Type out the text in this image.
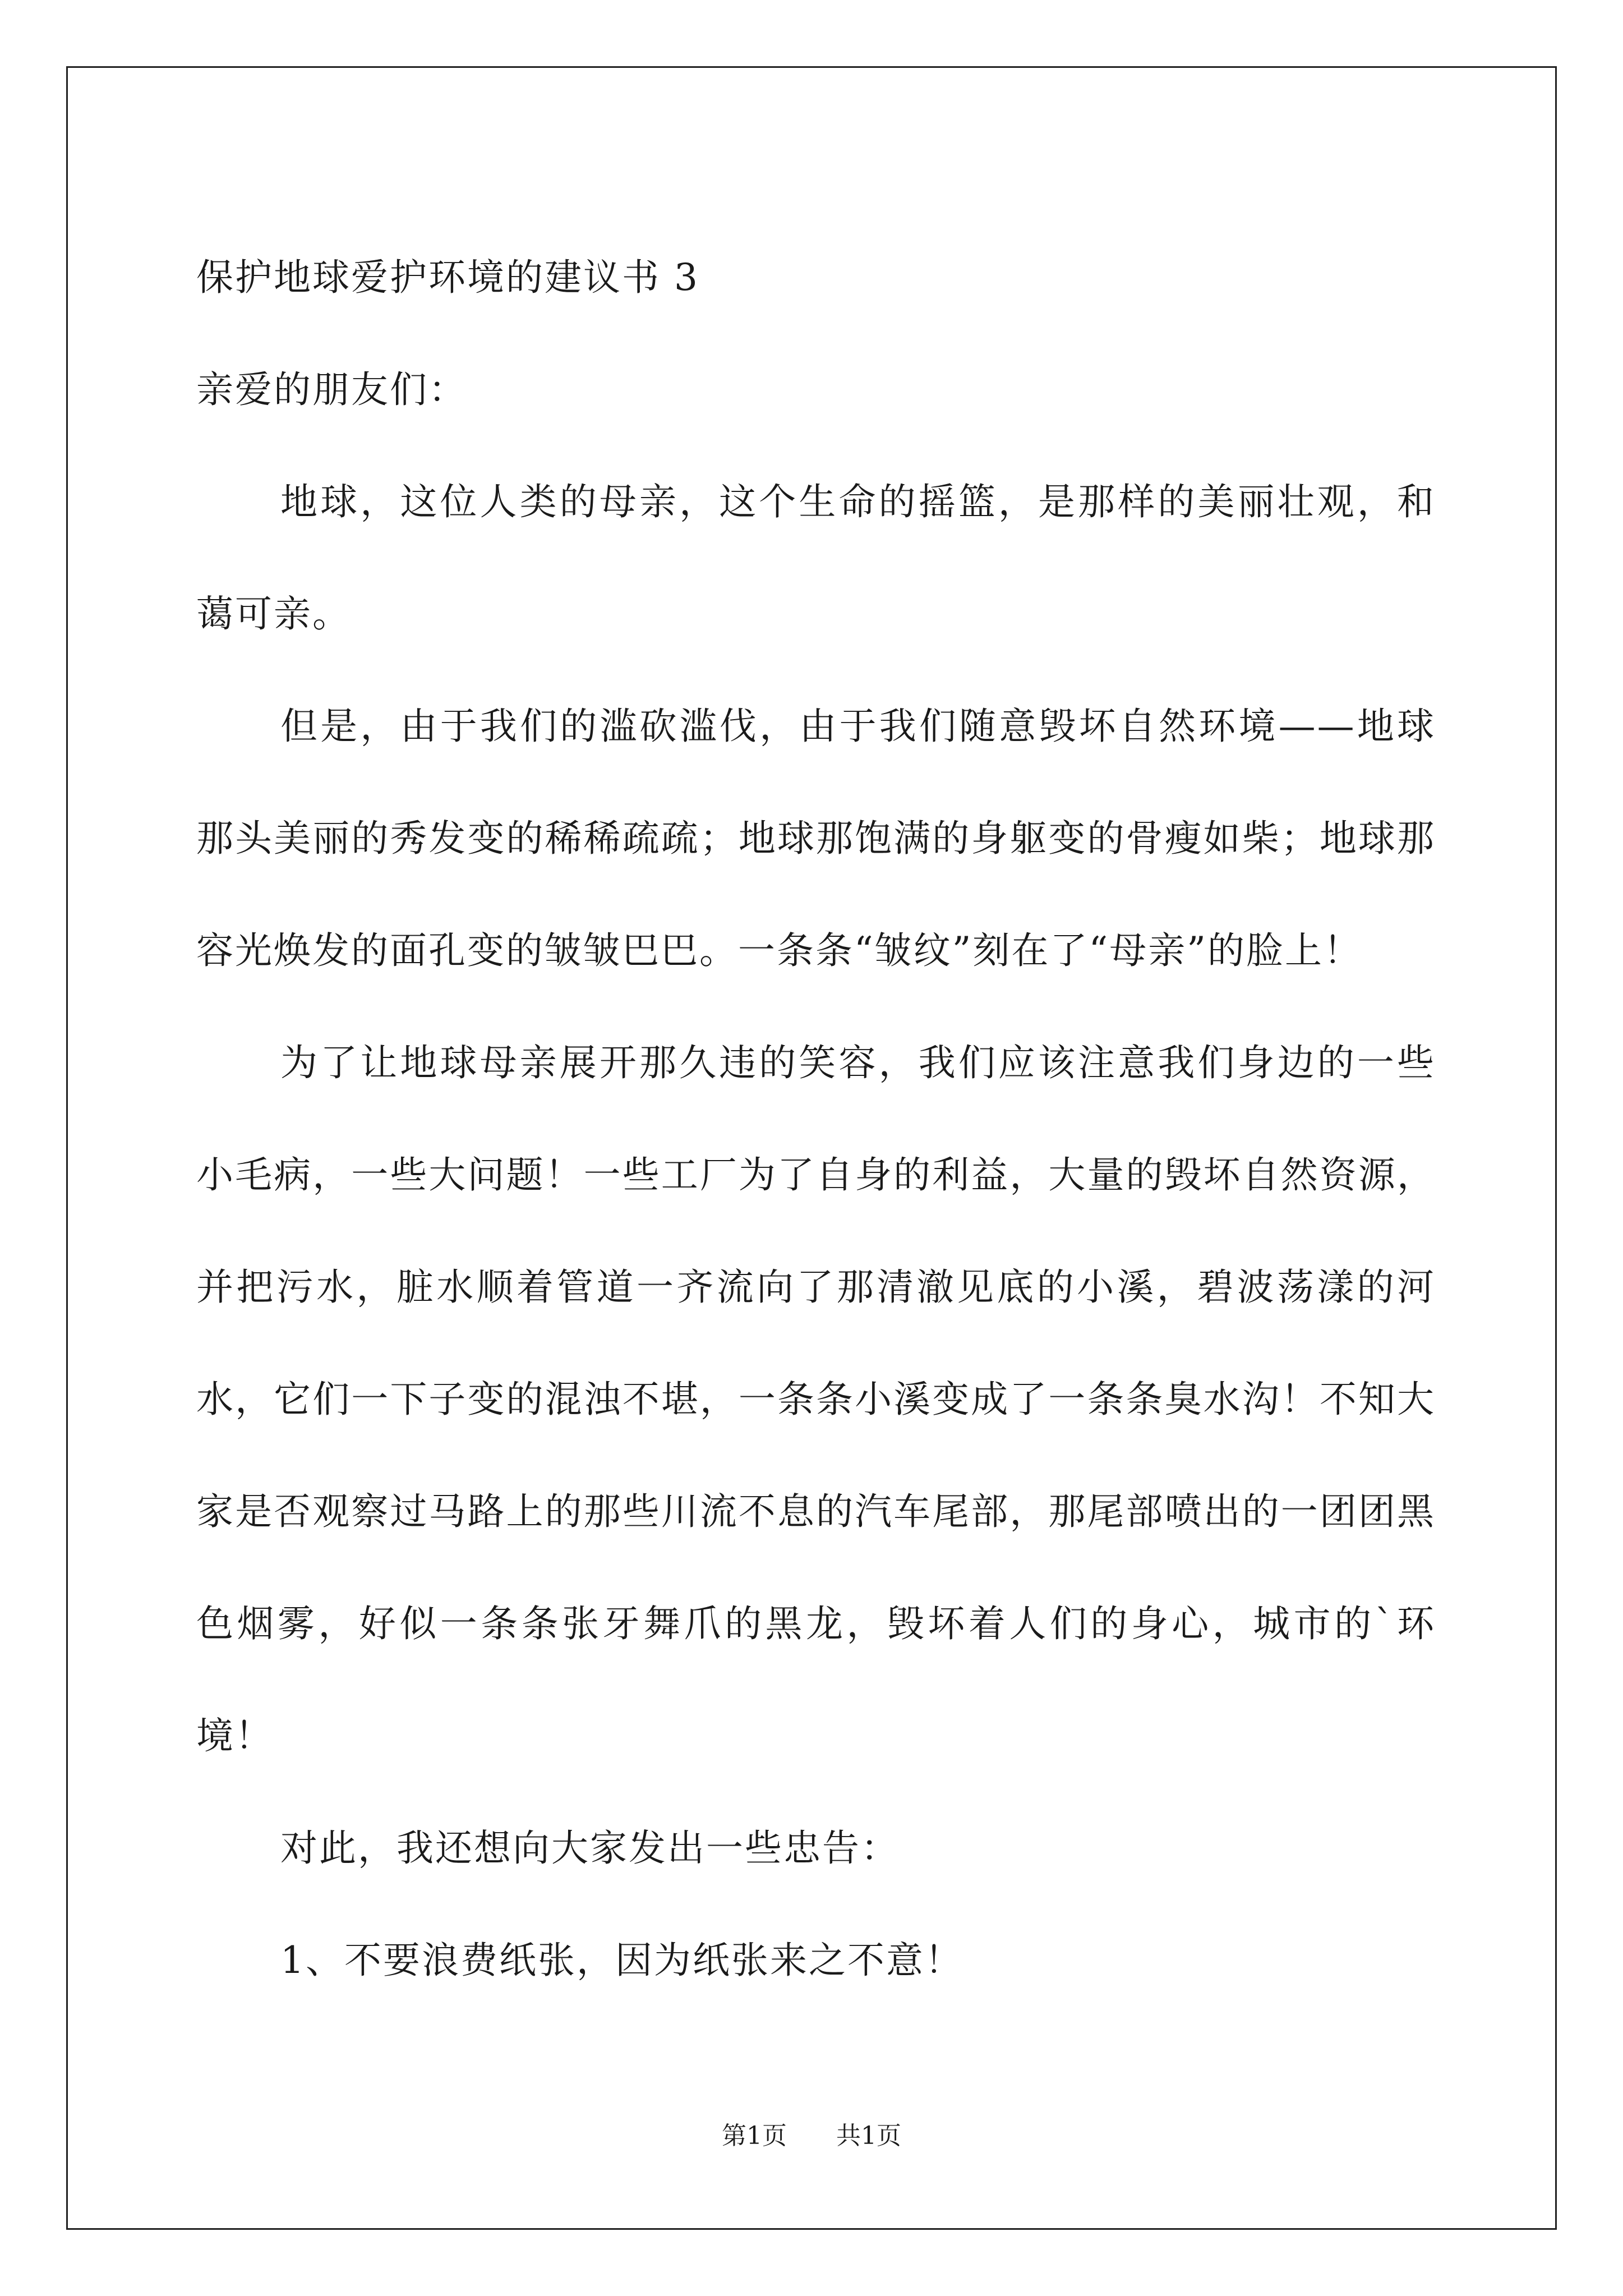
保护地球爱护环境的建议书 3

亲爱的朋友们：

地球，这位人类的母亲，这个生命的摇篮，是那样的美丽壮观，和蔼可亲。

但是，由于我们的滥砍滥伐，由于我们随意毁坏自然环境——地球那头美丽的秀发变的稀稀疏疏；地球那饱满的身躯变的骨瘦如柴；地球那容光焕发的面孔变的皱皱巴巴。一条条“皱纹”刻在了“母亲”的脸上！

为了让地球母亲展开那久违的笑容，我们应该注意我们身边的一些小毛病，一些大问题！一些工厂为了自身的利益，大量的毁坏自然资源，并把污水，脏水顺着管道一齐流向了那清澈见底的小溪，碧波荡漾的河水，它们一下子变的混浊不堪，一条条小溪变成了一条条臭水沟！不知大家是否观察过马路上的那些川流不息的汽车尾部，那尾部喷出的一团团黑色烟雾，好似一条条张牙舞爪的黑龙，毁坏着人们的身心，城市的`环境！

对此，我还想向大家发出一些忠告：

1、不要浪费纸张，因为纸张来之不意！

第1页 共1页
